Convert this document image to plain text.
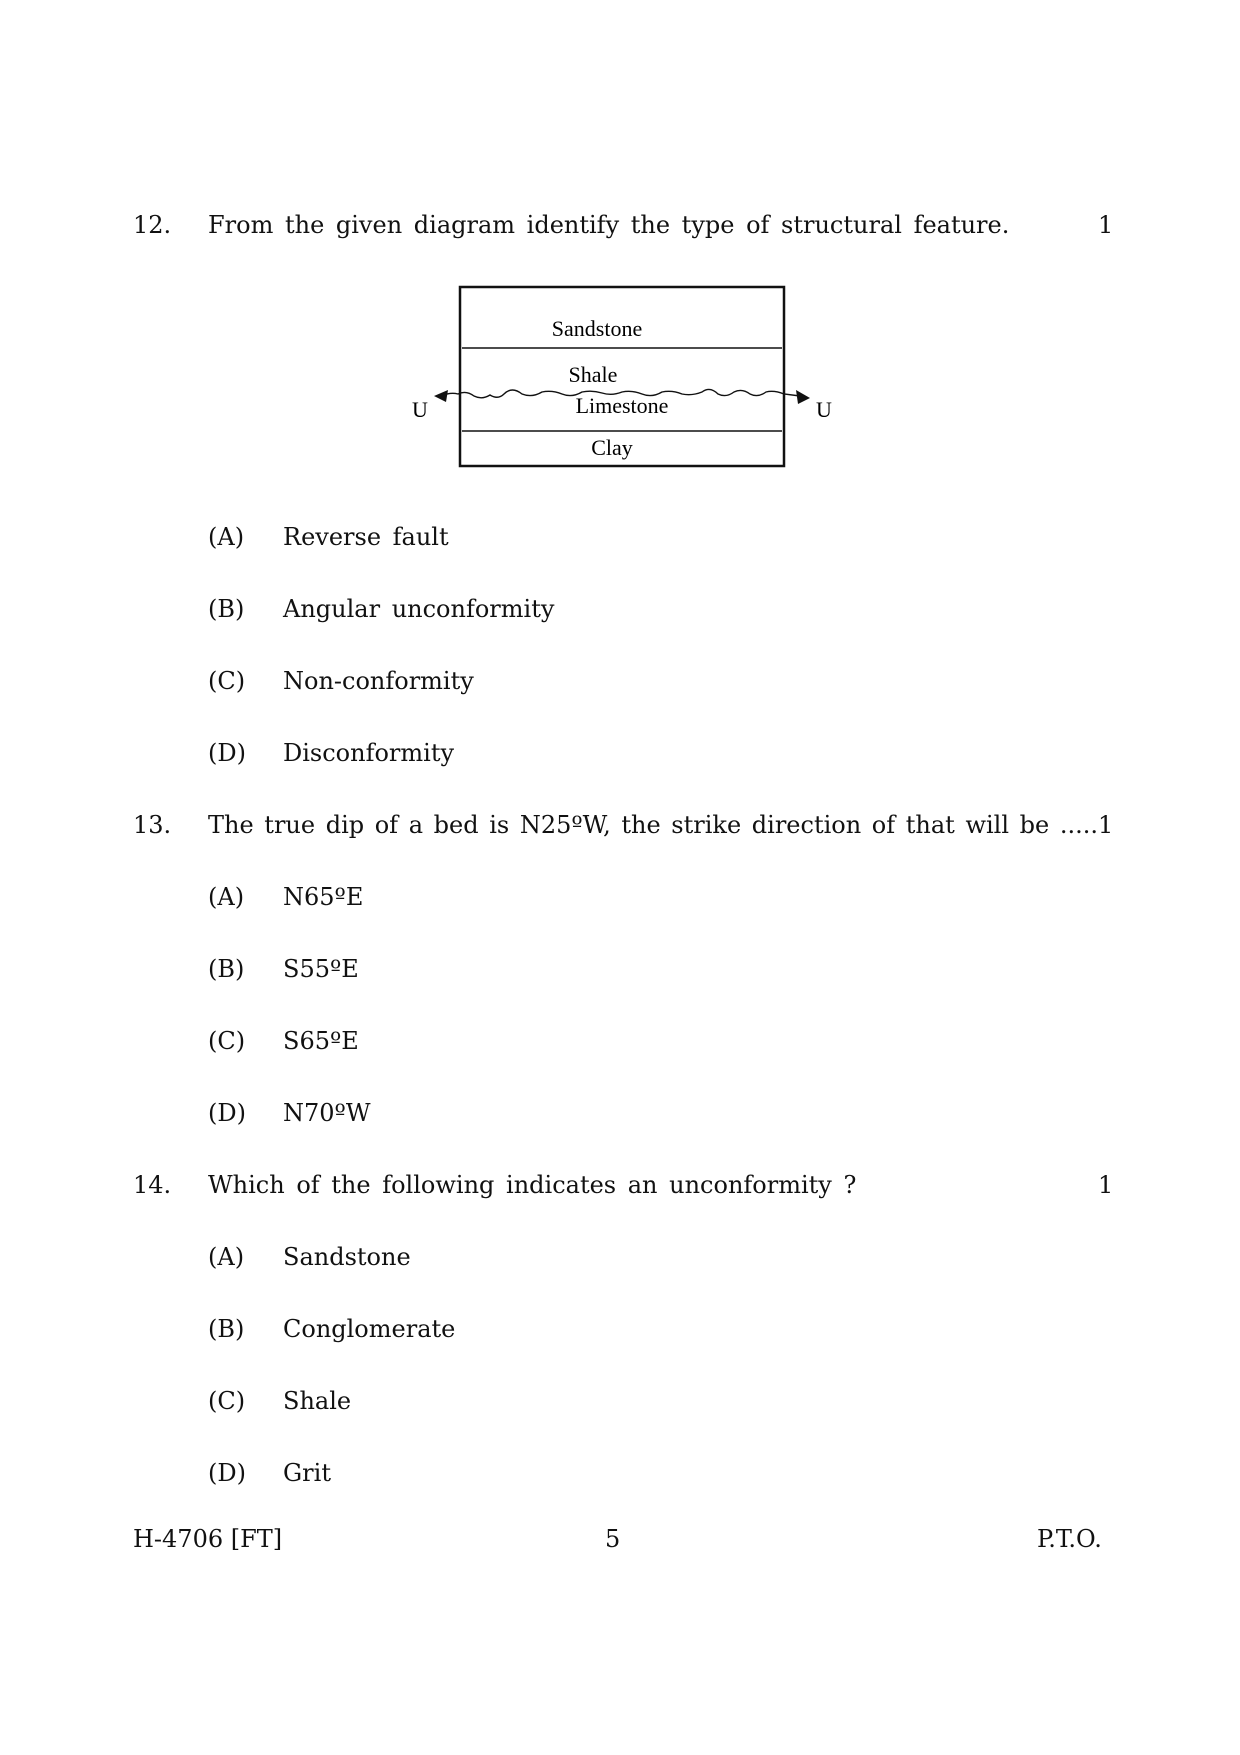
12. From the given diagram identify the type of structural feature.	1
Sandstone
Shale
Limestone
Clay
U	U
(A) Reverse fault
(B) Angular unconformity
(C) Non-conformity
(D) Disconformity
13. The true dip of a bed is N25ºW, the strike direction of that will be ..... 1
(A) N65ºE
(B) S55ºE
(C) S65ºE
(D) N70ºW
14. Which of the following indicates an unconformity ?	1
(A) Sandstone
(B) Conglomerate
(C) Shale
(D) Grit
H-4706 [FT]	5	P.T.O.
